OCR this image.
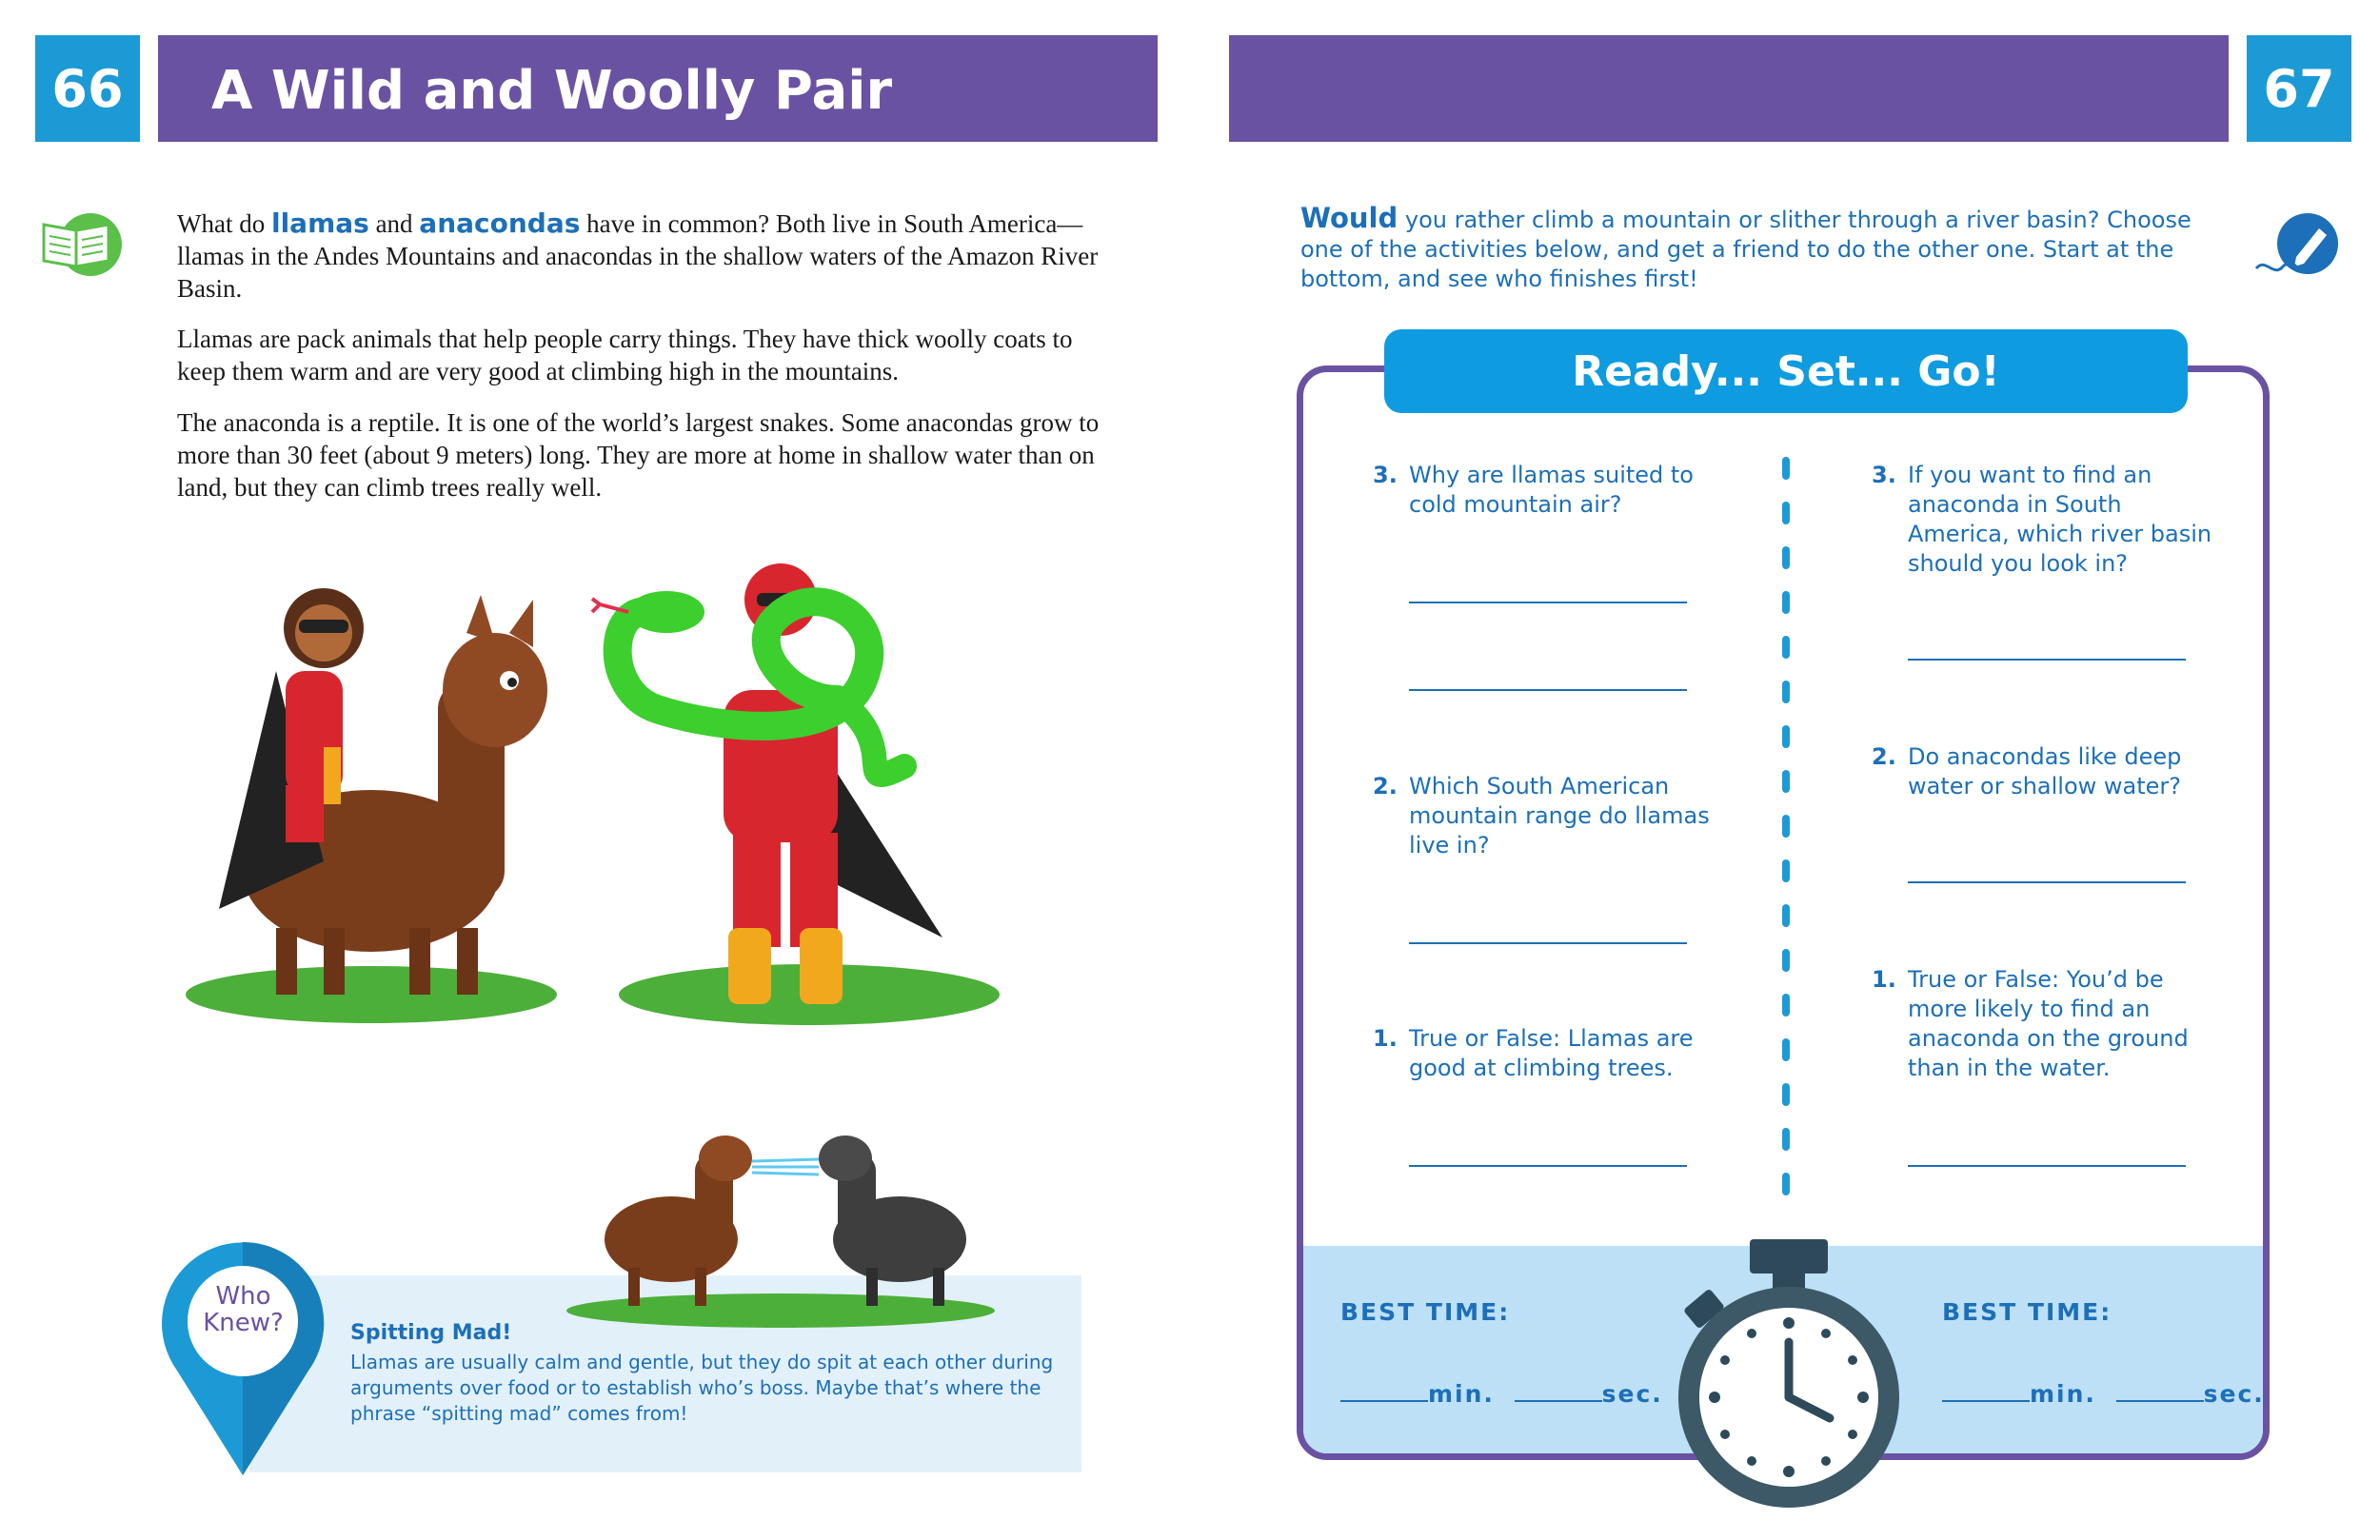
66	A Wild and Woolly Pair
What do llamas and anacondas have in common? Both live in South America—llamas in the Andes Mountains and anacondas in the shallow waters of the Amazon River Basin.
Llamas are pack animals that help people carry things. They have thick woolly coats to keep them warm and are very good at climbing high in the mountains.
The anaconda is a reptile. It is one of the world’s largest snakes. Some anacondas grow to more than 30 feet (about 9 meters) long. They are more at home in shallow water than on land, but they can climb trees really well.
Spitting Mad!
Llamas are usually calm and gentle, but they do spit at each other during arguments over food or to establish who’s boss. Maybe that’s where the phrase “spitting mad” comes from!
Who
Knew?
67
Would you rather climb a mountain or slither through a river basin? Choose one of the activities below, and get a friend to do the other one. Start at the bottom, and see who finishes first!
Ready... Set... Go!
3. Why are llamas suited to cold mountain air?
2. Which South American mountain range do llamas live in?
1. True or False: Llamas are good at climbing trees.
3. If you want to find an anaconda in South America, which river basin should you look in?
2. Do anacondas like deep water or shallow water?
1. True or False: You’d be more likely to find an anaconda on the ground than in the water.
BEST TIME:
min.	sec.
BEST TIME:
min.	sec.
